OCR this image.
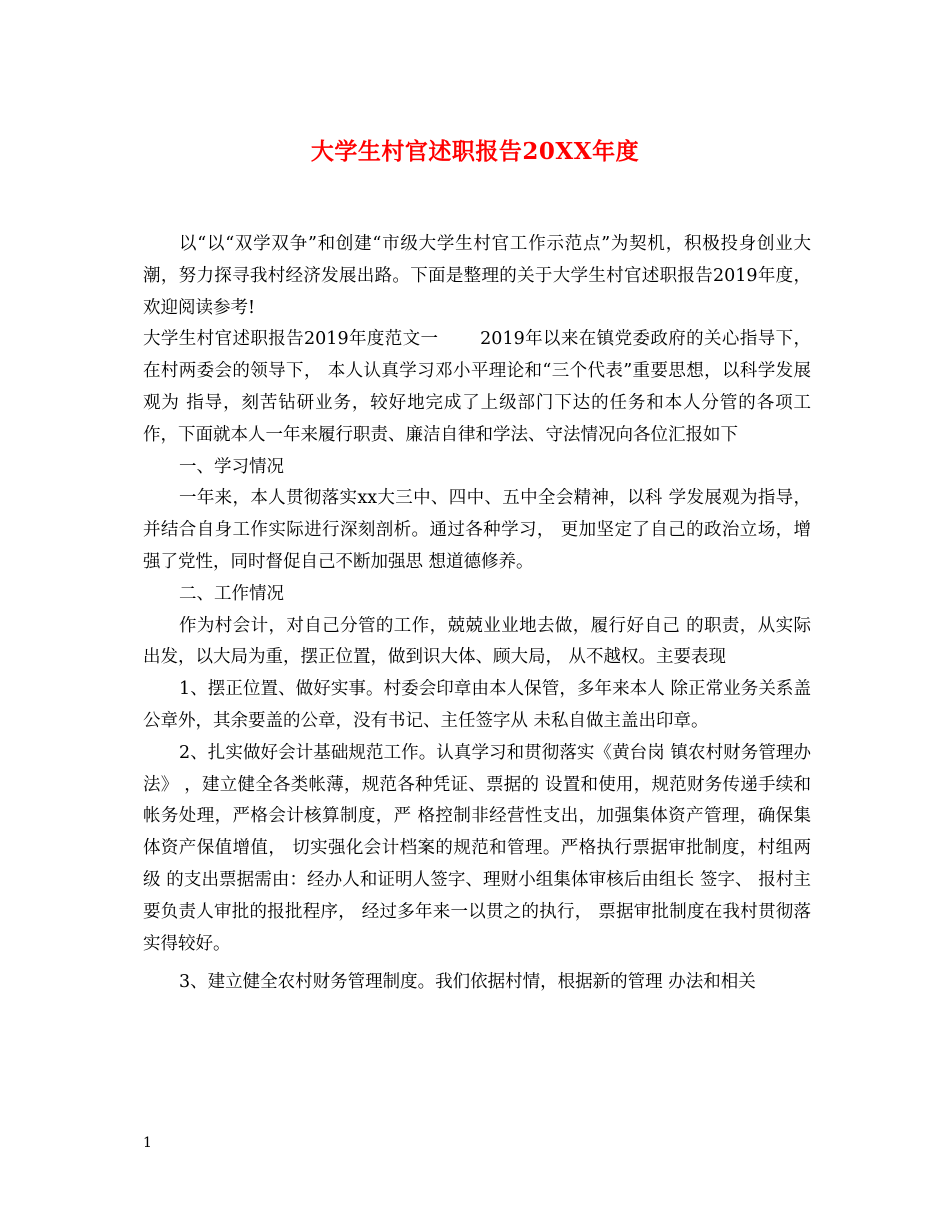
大学生村官述职报告20XX年度

以“以“双学双争”和创建“市级大学生村官工作示范点”为契机，积极投身创业大潮，努力探寻我村经济发展出路。下面是整理的关于大学生村官述职报告2019年度，欢迎阅读参考!

大学生村官述职报告2019年度范文一　　 2019年以来在镇党委政府的关心指导下，在村两委会的领导下， 本人认真学习邓小平理论和“三个代表”重要思想，以科学发展观为 指导，刻苦钻研业务，较好地完成了上级部门下达的任务和本人分管的各项工作，下面就本人一年来履行职责、廉洁自律和学法、守法情况向各位汇报如下

一、学习情况

一年来，本人贯彻落实xx大三中、四中、五中全会精神，以科 学发展观为指导， 并结合自身工作实际进行深刻剖析。通过各种学习， 更加坚定了自己的政治立场，增强了党性，同时督促自己不断加强思 想道德修养。

二、工作情况

作为村会计，对自己分管的工作，兢兢业业地去做，履行好自己 的职责，从实际出发，以大局为重，摆正位置，做到识大体、顾大局， 从不越权。主要表现

1、摆正位置、做好实事。村委会印章由本人保管，多年来本人 除正常业务关系盖公章外，其余要盖的公章，没有书记、主任签字从 未私自做主盖出印章。

2、扎实做好会计基础规范工作。认真学习和贯彻落实《黄台岗 镇农村财务管理办法》 ，建立健全各类帐薄，规范各种凭证、票据的 设置和使用，规范财务传递手续和帐务处理，严格会计核算制度，严 格控制非经营性支出，加强集体资产管理，确保集体资产保值增值， 切实强化会计档案的规范和管理。严格执行票据审批制度，村组两级 的支出票据需由：经办人和证明人签字、理财小组集体审核后由组长 签字、 报村主要负责人审批的报批程序， 经过多年来一以贯之的执行， 票据审批制度在我村贯彻落实得较好。

3、建立健全农村财务管理制度。我们依据村情，根据新的管理 办法和相关

1
